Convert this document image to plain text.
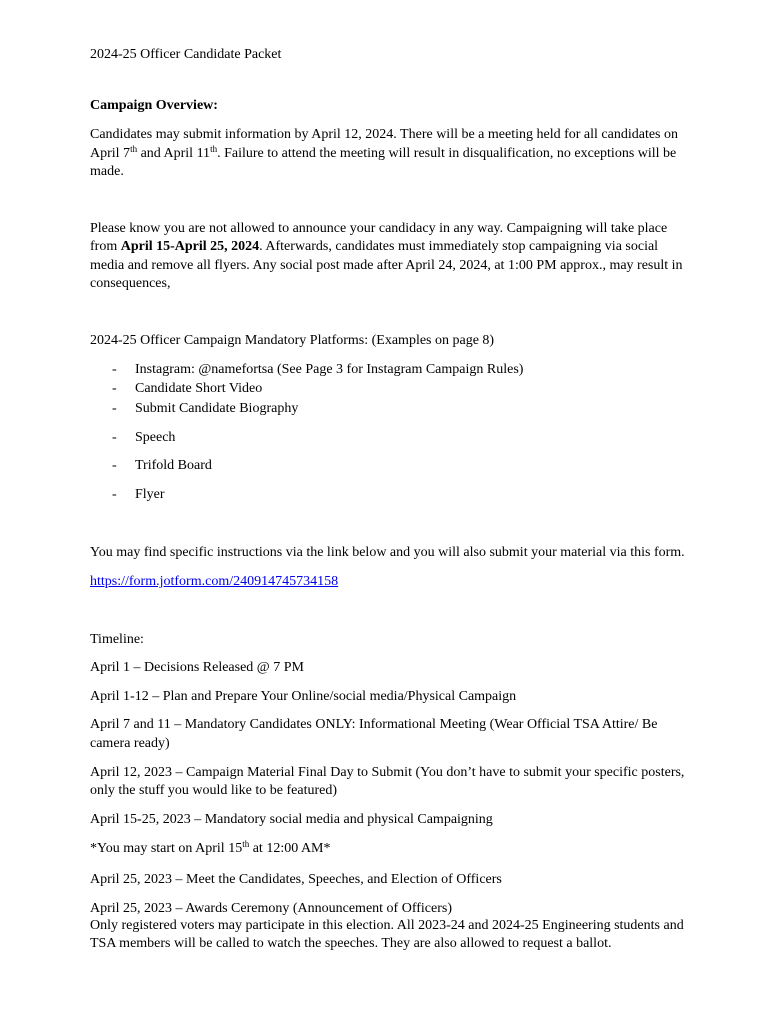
2024-25 Officer Candidate Packet
Campaign Overview:
Candidates may submit information by April 12, 2024. There will be a meeting held for all candidates on
April 7th and April 11th. Failure to attend the meeting will result in disqualification, no exceptions will be
made.
Please know you are not allowed to announce your candidacy in any way. Campaigning will take place
from April 15-April 25, 2024. Afterwards, candidates must immediately stop campaigning via social
media and remove all flyers. Any social post made after April 24, 2024, at 1:00 PM approx., may result in
consequences,
2024-25 Officer Campaign Mandatory Platforms: (Examples on page 8)
- Instagram: @namefortsa (See Page 3 for Instagram Campaign Rules)
- Candidate Short Video
- Submit Candidate Biography
- Speech
- Trifold Board
- Flyer
You may find specific instructions via the link below and you will also submit your material via this form.
https://form.jotform.com/240914745734158
Timeline:
April 1 – Decisions Released @ 7 PM
April 1-12 – Plan and Prepare Your Online/social media/Physical Campaign
April 7 and 11 – Mandatory Candidates ONLY: Informational Meeting (Wear Official TSA Attire/ Be
camera ready)
April 12, 2023 – Campaign Material Final Day to Submit (You don’t have to submit your specific posters,
only the stuff you would like to be featured)
April 15-25, 2023 – Mandatory social media and physical Campaigning
*You may start on April 15th at 12:00 AM*
April 25, 2023 – Meet the Candidates, Speeches, and Election of Officers
April 25, 2023 – Awards Ceremony (Announcement of Officers)
Only registered voters may participate in this election. All 2023-24 and 2024-25 Engineering students and
TSA members will be called to watch the speeches. They are also allowed to request a ballot.
